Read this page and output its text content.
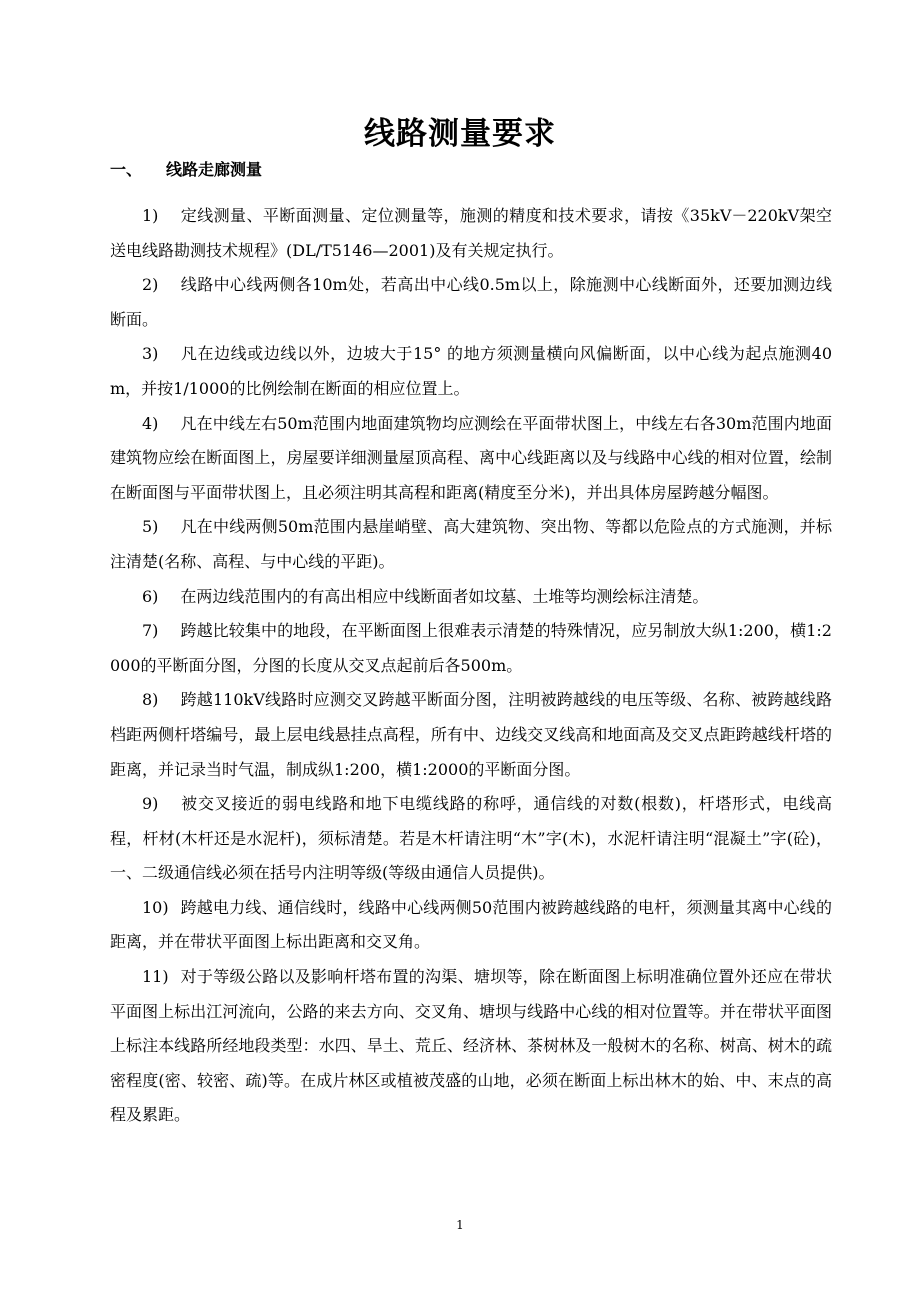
线路测量要求
一、 线路走廊测量

1) 定线测量、平断面测量、定位测量等，施测的精度和技术要求，请按《35kV－220kV架空送电线路勘测技术规程》(DL/T5146—2001)及有关规定执行。

2) 线路中心线两侧各10m处，若高出中心线0.5m以上，除施测中心线断面外，还要加测边线断面。

3) 凡在边线或边线以外，边坡大于15° 的地方须测量横向风偏断面，以中心线为起点施测40m，并按1/1000的比例绘制在断面的相应位置上。

4) 凡在中线左右50m范围内地面建筑物均应测绘在平面带状图上，中线左右各30m范围内地面建筑物应绘在断面图上，房屋要详细测量屋顶高程、离中心线距离以及与线路中心线的相对位置，绘制在断面图与平面带状图上，且必须注明其高程和距离(精度至分米)，并出具体房屋跨越分幅图。

5) 凡在中线两侧50m范围内悬崖峭壁、高大建筑物、突出物、等都以危险点的方式施测，并标注清楚(名称、高程、与中心线的平距)。

6) 在两边线范围内的有高出相应中线断面者如坟墓、土堆等均测绘标注清楚。

7) 跨越比较集中的地段，在平断面图上很难表示清楚的特殊情况，应另制放大纵1:200，横1:2000的平断面分图，分图的长度从交叉点起前后各500m。

8) 跨越110kV线路时应测交叉跨越平断面分图，注明被跨越线的电压等级、名称、被跨越线路档距两侧杆塔编号，最上层电线悬挂点高程，所有中、边线交叉线高和地面高及交叉点距跨越线杆塔的距离，并记录当时气温，制成纵1:200，横1:2000的平断面分图。

9) 被交叉接近的弱电线路和地下电缆线路的称呼，通信线的对数(根数)，杆塔形式，电线高程，杆材(木杆还是水泥杆)，须标清楚。若是木杆请注明“木”字(木)，水泥杆请注明“混凝土”字(砼)，一、二级通信线必须在括号内注明等级(等级由通信人员提供)。

10) 跨越电力线、通信线时，线路中心线两侧50范围内被跨越线路的电杆，须测量其离中心线的距离，并在带状平面图上标出距离和交叉角。

11) 对于等级公路以及影响杆塔布置的沟渠、塘坝等，除在断面图上标明准确位置外还应在带状平面图上标出江河流向，公路的来去方向、交叉角、塘坝与线路中心线的相对位置等。并在带状平面图上标注本线路所经地段类型：水四、旱土、荒丘、经济林、茶树林及一般树木的名称、树高、树木的疏密程度(密、较密、疏)等。在成片林区或植被茂盛的山地，必须在断面上标出林木的始、中、末点的高程及累距。

1
